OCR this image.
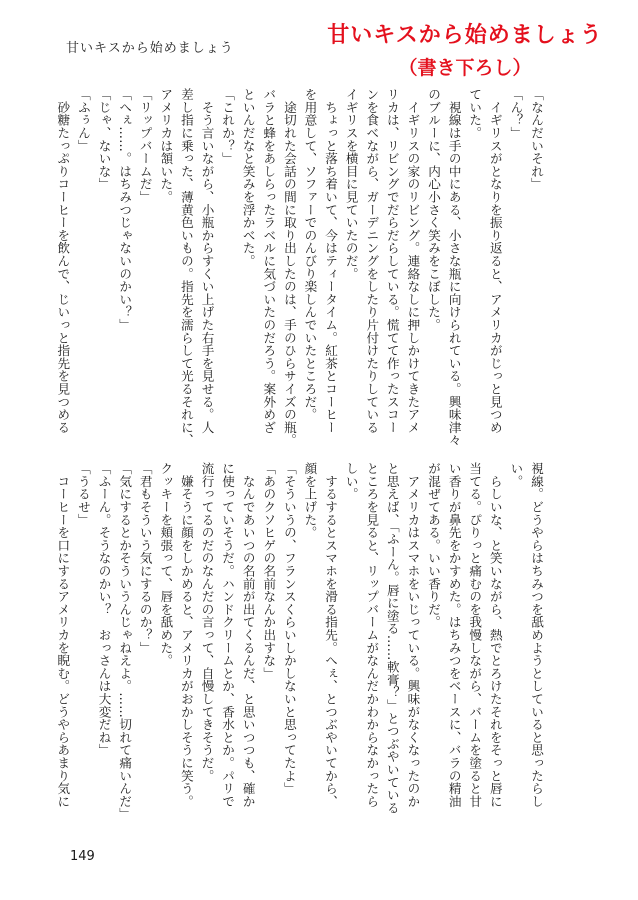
甘いキスから始めましょう
甘いキスから始めましょう
（書き下ろし）
「なんだいそれ」
「ん？」
　イギリスがとなりを振り返ると、アメリカがじっと見つめ
ていた。
　視線は手の中にある、小さな瓶に向けられている。興味津々
のブルーに、内心小さく笑みをこぼした。
　イギリスの家のリビング。連絡なしに押しかけてきたアメ
リカは、リビングでだらだらしている。慌てて作ったスコー
ンを食べながら、ガーデニングをしたり片付けたりしている
イギリスを横目に見ていたのだ。
　ちょっと落ち着いて、今はティータイム。紅茶とコーヒー
を用意して、ソファーでのんびり楽しんでいたところだ。
　途切れた会話の間に取り出したのは、手のひらサイズの瓶。
バラと蜂をあしらったラベルに気づいたのだろう。案外めざ
といんだなと笑みを浮かべた。
「これか？」
　そう言いながら、小瓶からすくい上げた右手を見せる。人
差し指に乗った、薄黄色いもの。指先を濡らして光るそれに、
アメリカは頷いた。
「リップバームだ」
「へぇ……。はちみつじゃないのかい？」
「じゃ、ないな」
「ふぅん」
　砂糖たっぷりコーヒーを飲んで、じいっと指先を見つめる
視線。どうやらはちみつを舐めようとしていると思ったらし
い。
　らしいな、と笑いながら、熱でとろけたそれをそっと唇に
当てる。ぴりっと痛むのを我慢しながら、バームを塗ると甘
い香りが鼻先をかすめた。はちみつをベースに、バラの精油
が混ぜてある。いい香りだ。
　アメリカはスマホをいじっている。興味がなくなったのか
と思えば、「ふーん。唇に塗る……軟膏？」とつぶやいている
ところを見ると、リップバームがなんだかわからなかったら
しい。
　するするとスマホを滑る指先。へぇ、とつぶやいてから、
顔を上げた。
「そういうの、フランスくらいしかしないと思ってたよ」
「あのクソヒゲの名前なんか出すな」
　なんであいつの名前が出てくるんだ、と思いつつも、確か
に使っていそうだ。ハンドクリームとか、香水とか。パリで
流行ってるのだのなんだの言って、自慢してきそうだ。
　嫌そうに顔をしかめると、アメリカがおかしそうに笑う。
クッキーを頬張って、唇を舐めた。
「君もそういう気にするのか？」
「気にするとかそういうんじゃねえよ。……切れて痛いんだ」
「ふーん。そうなのかい？　おっさんは大変だね」
「うるせ」
　コーヒーを口にするアメリカを睨む。どうやらあまり気に
149
